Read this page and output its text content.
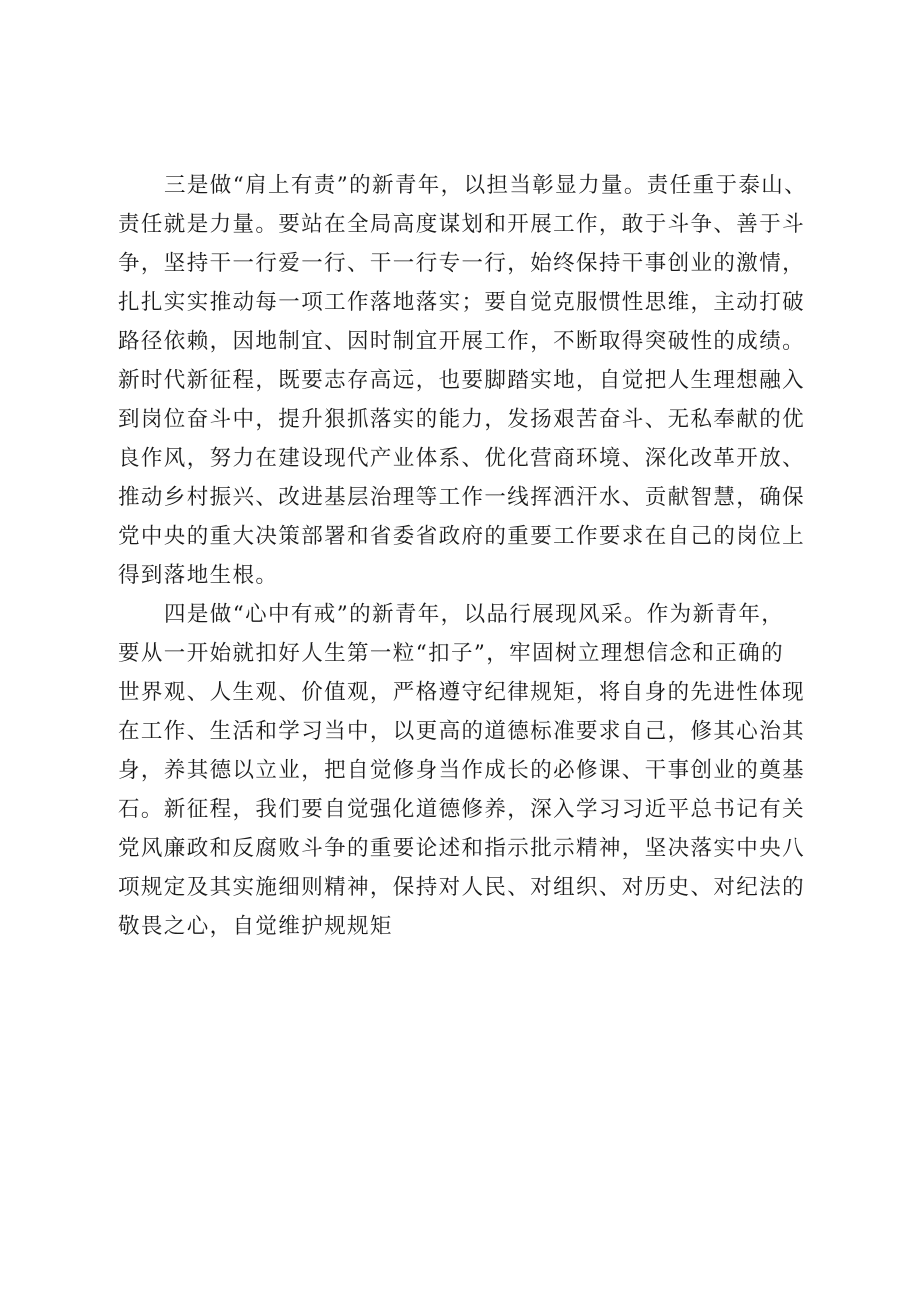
三是做“肩上有责”的新青年，以担当彰显力量。责任重于泰山、
责任就是力量。要站在全局高度谋划和开展工作，敢于斗争、善于斗
争，坚持干一行爱一行、干一行专一行，始终保持干事创业的激情，
扎扎实实推动每一项工作落地落实；要自觉克服惯性思维，主动打破
路径依赖，因地制宜、因时制宜开展工作，不断取得突破性的成绩。
新时代新征程，既要志存高远，也要脚踏实地，自觉把人生理想融入
到岗位奋斗中，提升狠抓落实的能力，发扬艰苦奋斗、无私奉献的优
良作风，努力在建设现代产业体系、优化营商环境、深化改革开放、
推动乡村振兴、改进基层治理等工作一线挥洒汗水、贡献智慧，确保
党中央的重大决策部署和省委省政府的重要工作要求在自己的岗位上
得到落地生根。
四是做“心中有戒”的新青年，以品行展现风采。作为新青年，
要从一开始就扣好人生第一粒“扣子”，牢固树立理想信念和正确的
世界观、人生观、价值观，严格遵守纪律规矩，将自身的先进性体现
在工作、生活和学习当中，以更高的道德标准要求自己，修其心治其
身，养其德以立业，把自觉修身当作成长的必修课、干事创业的奠基
石。新征程，我们要自觉强化道德修养，深入学习习近平总书记有关
党风廉政和反腐败斗争的重要论述和指示批示精神，坚决落实中央八
项规定及其实施细则精神，保持对人民、对组织、对历史、对纪法的
敬畏之心，自觉维护规规矩
